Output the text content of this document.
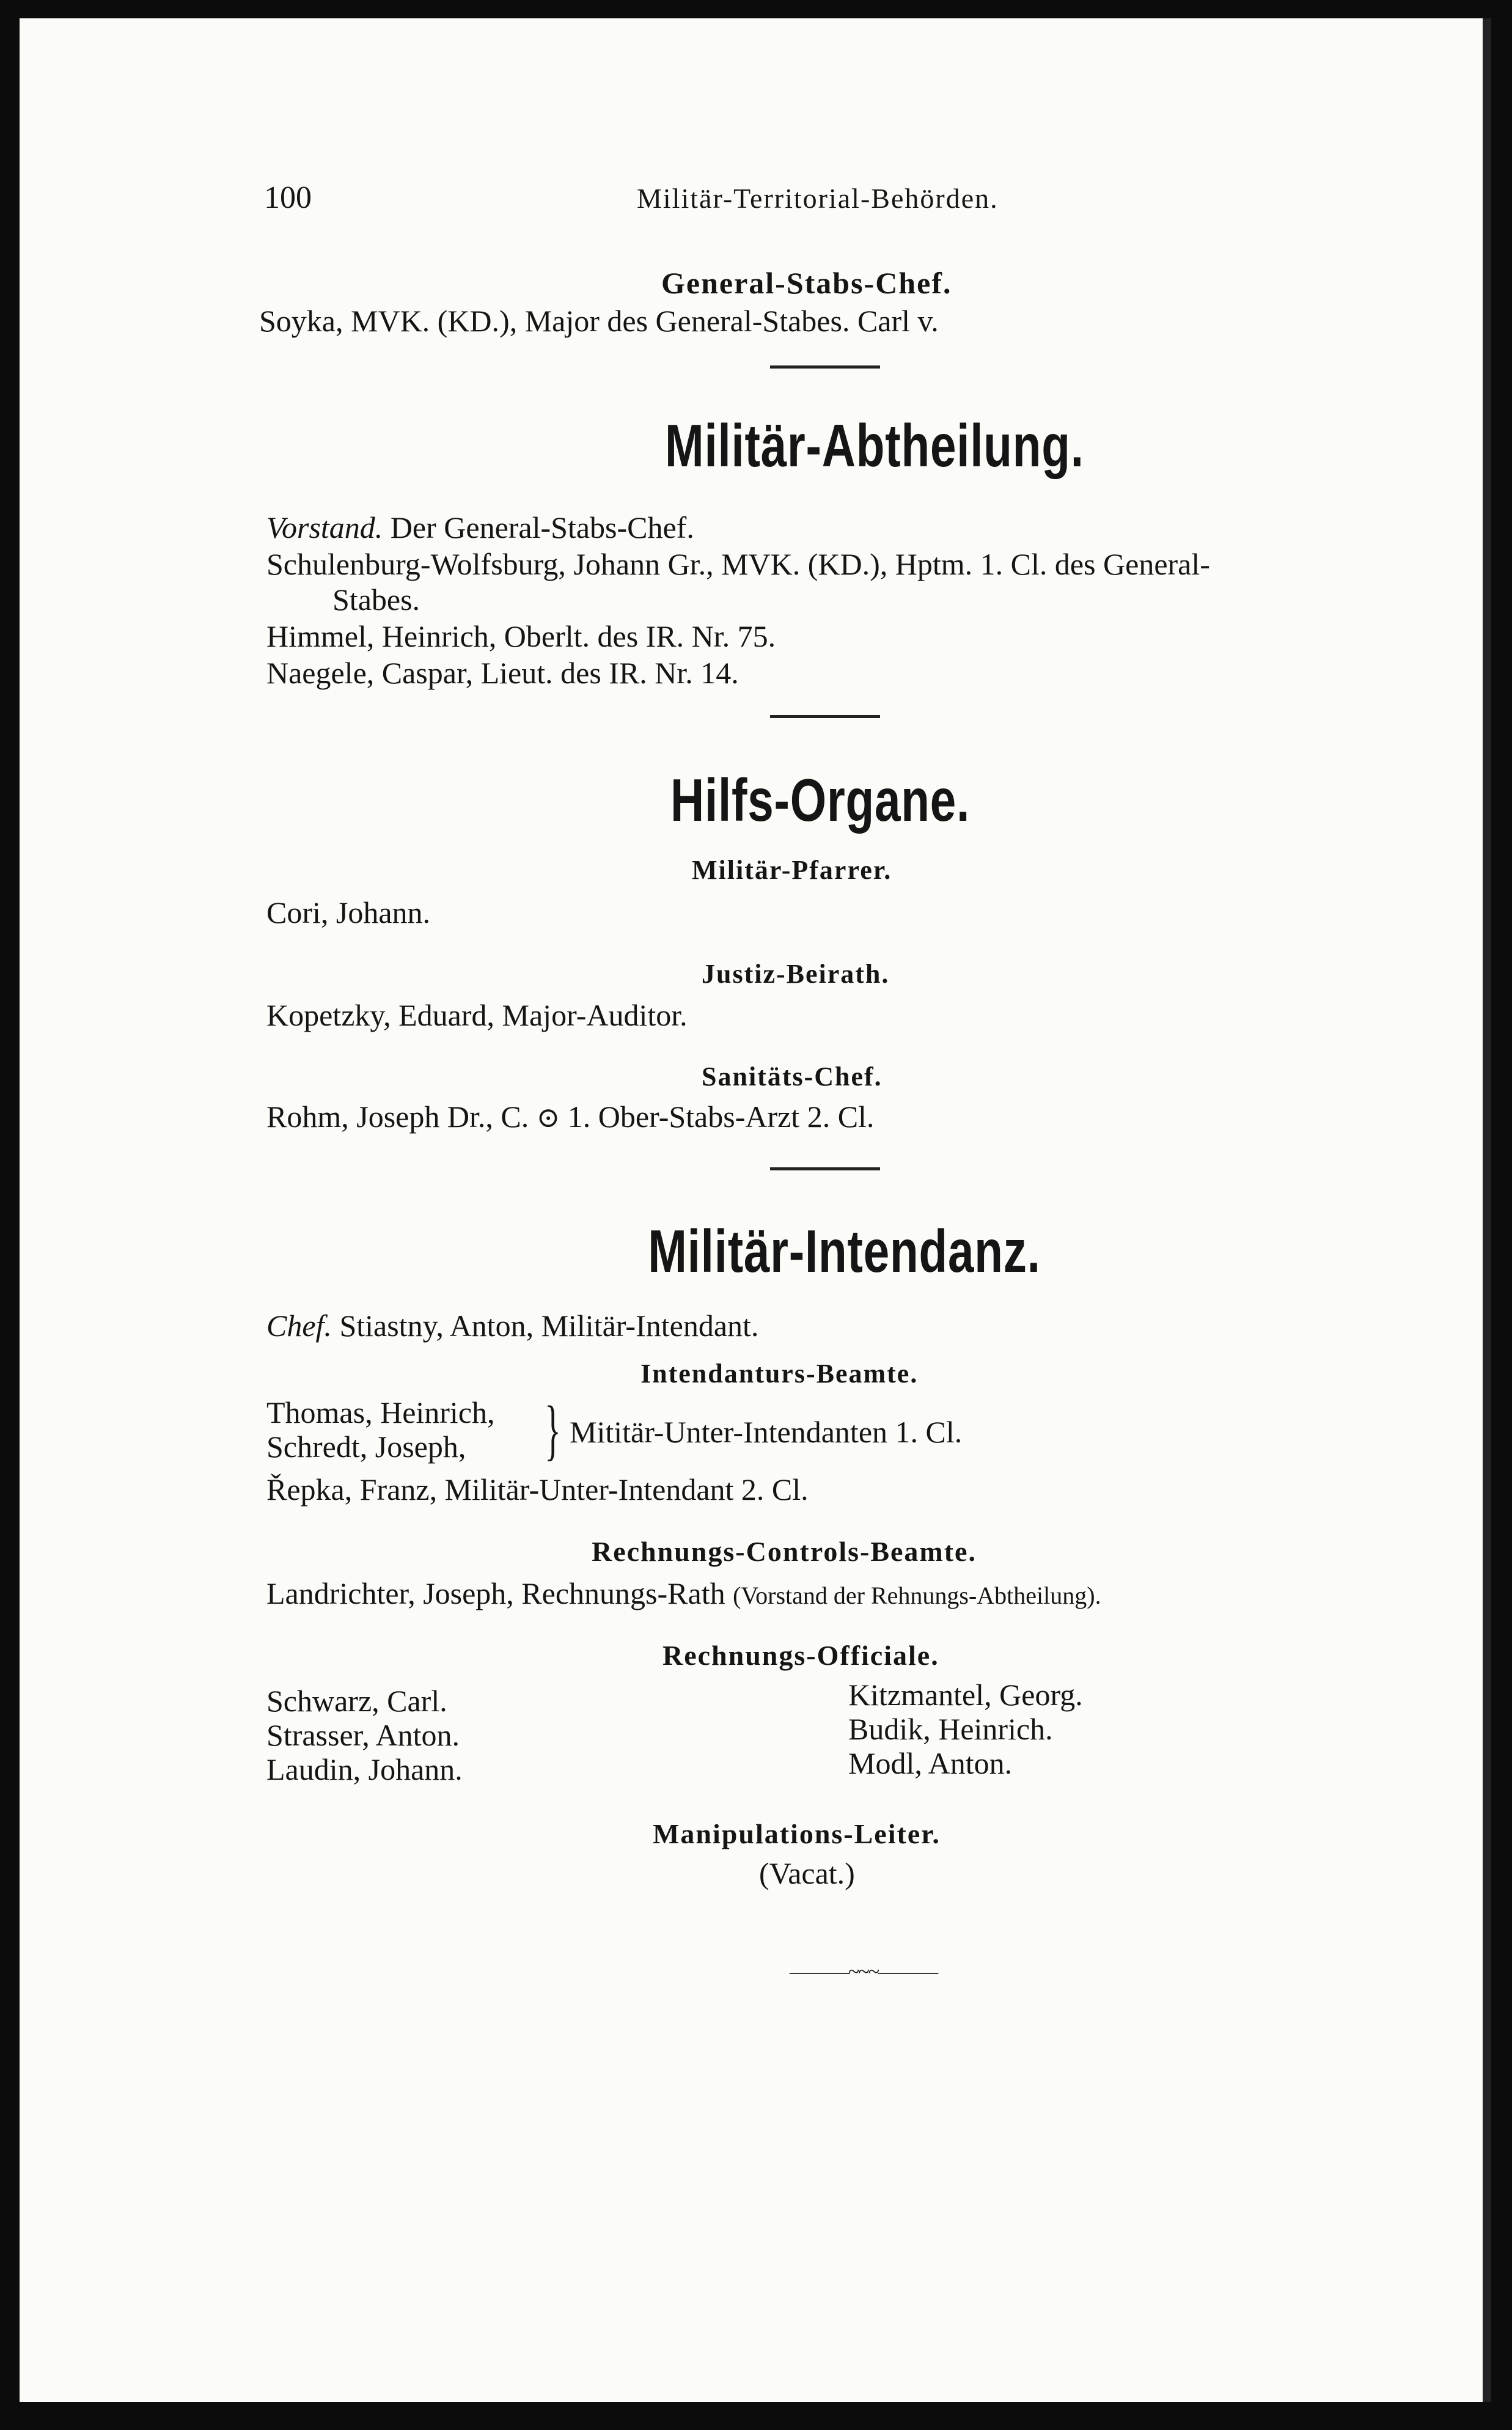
100	Militär-Territorial-Behörden.
General-Stabs-Chef.
Soyka, MVK. (KD.), Major des General-Stabes. Carl v.
Militär-Abtheilung.
Vorstand. Der General-Stabs-Chef.
Schulenburg-Wolfsburg, Johann Gr., MVK. (KD.), Hptm. 1. Cl. des General-
Stabes.
Himmel, Heinrich, Oberlt. des IR. Nr. 75.
Naegele, Caspar, Lieut. des IR. Nr. 14.
Hilfs-Organe.
Militär-Pfarrer.
Cori, Johann.
Justiz-Beirath.
Kopetzky, Eduard, Major-Auditor.
Sanitäts-Chef.
Rohm, Joseph Dr., C. ⊙ 1. Ober-Stabs-Arzt 2. Cl.
Militär-Intendanz.
Chef. Stiastny, Anton, Militär-Intendant.
Intendanturs-Beamte.
Thomas, Heinrich,
Schredt, Joseph, } Mititär-Unter-Intendanten 1. Cl.
Řepka, Franz, Militär-Unter-Intendant 2. Cl.
Rechnungs-Controls-Beamte.
Landrichter, Joseph, Rechnungs-Rath (Vorstand der Rehnungs-Abtheilung).
Rechnungs-Officiale.
Schwarz, Carl.
Strasser, Anton.
Laudin, Johann.
Kitzmantel, Georg.
Budik, Heinrich.
Modl, Anton.
Manipulations-Leiter.
(Vacat.)
———~~~———
